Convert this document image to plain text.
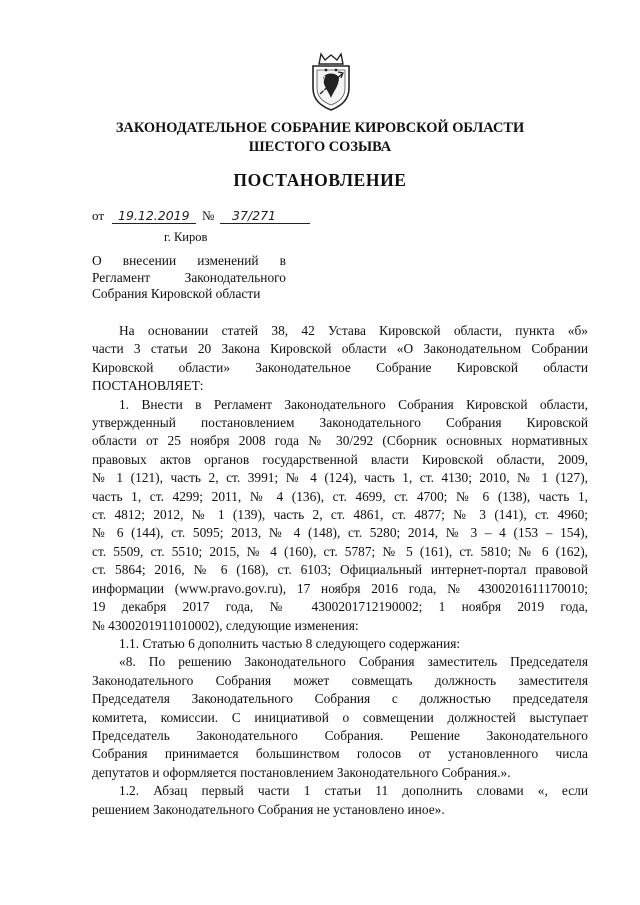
ЗАКОНОДАТЕЛЬНОЕ СОБРАНИЕ КИРОВСКОЙ ОБЛАСТИ
ШЕСТОГО СОЗЫВА
ПОСТАНОВЛЕНИЕ
от 19.12.2019 № 37/271
г. Киров
О внесении изменений в
Регламент Законодательного
Собрания Кировской области

На основании статей 38, 42 Устава Кировской области, пункта «б»
части 3 статьи 20 Закона Кировской области «О Законодательном Собрании
Кировской области» Законодательное Собрание Кировской области
ПОСТАНОВЛЯЕТ:

1. Внести в Регламент Законодательного Собрания Кировской области,
утвержденный постановлением Законодательного Собрания Кировской
области от 25 ноября 2008 года № 30/292 (Сборник основных нормативных
правовых актов органов государственной власти Кировской области, 2009,
№ 1 (121), часть 2, ст. 3991; № 4 (124), часть 1, ст. 4130; 2010, № 1 (127),
часть 1, ст. 4299; 2011, № 4 (136), ст. 4699, ст. 4700; № 6 (138), часть 1,
ст. 4812; 2012, № 1 (139), часть 2, ст. 4861, ст. 4877; № 3 (141), ст. 4960;
№ 6 (144), ст. 5095; 2013, № 4 (148), ст. 5280; 2014, № 3 – 4 (153 – 154),
ст. 5509, ст. 5510; 2015, № 4 (160), ст. 5787; № 5 (161), ст. 5810; № 6 (162),
ст. 5864; 2016, № 6 (168), ст. 6103; Официальный интернет-портал правовой
информации (www.pravo.gov.ru), 17 ноября 2016 года, № 4300201611170010;
19 декабря 2017 года, № 4300201712190002; 1 ноября 2019 года,
№ 4300201911010002), следующие изменения:

1.1. Статью 6 дополнить частью 8 следующего содержания:

«8. По решению Законодательного Собрания заместитель Председателя
Законодательного Собрания может совмещать должность заместителя
Председателя Законодательного Собрания с должностью председателя
комитета, комиссии. С инициативой о совмещении должностей выступает
Председатель Законодательного Собрания. Решение Законодательного
Собрания принимается большинством голосов от установленного числа
депутатов и оформляется постановлением Законодательного Собрания.».

1.2. Абзац первый части 1 статьи 11 дополнить словами «, если
решением Законодательного Собрания не установлено иное».
